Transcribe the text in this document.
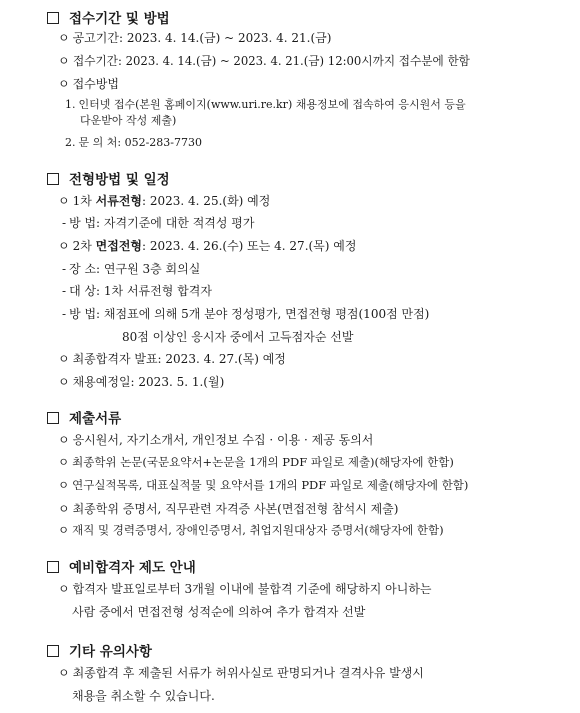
접수기간 및 방법
ㅇ 공고기간: 2023. 4. 14.(금) ~ 2023. 4. 21.(금)
ㅇ 접수기간: 2023. 4. 14.(금) ~ 2023. 4. 21.(금) 12:00시까지 접수분에 한함
ㅇ 접수방법
1. 인터넷 접수(본원 홈페이지(www.uri.re.kr) 채용정보에 접속하여 응시원서 등을
다운받아 작성 제출)
2. 문 의 처: 052-283-7730
전형방법 및 일정
ㅇ 1차 서류전형: 2023. 4. 25.(화) 예정
- 방 법: 자격기준에 대한 적격성 평가
ㅇ 2차 면접전형: 2023. 4. 26.(수) 또는 4. 27.(목) 예정
- 장 소: 연구원 3층 회의실
- 대 상: 1차 서류전형 합격자
- 방 법: 채점표에 의해 5개 분야 정성평가, 면접전형 평점(100점 만점)
80점 이상인 응시자 중에서 고득점자순 선발
ㅇ 최종합격자 발표: 2023. 4. 27.(목) 예정
ㅇ 채용예정일: 2023. 5. 1.(월)
제출서류
ㅇ 응시원서, 자기소개서, 개인정보 수집 · 이용 · 제공 동의서
ㅇ 최종학위 논문(국문요약서+논문을 1개의 PDF 파일로 제출)(해당자에 한함)
ㅇ 연구실적목록, 대표실적물 및 요약서를 1개의 PDF 파일로 제출(해당자에 한함)
ㅇ 최종학위 증명서, 직무관련 자격증 사본(면접전형 참석시 제출)
ㅇ 재직 및 경력증명서, 장애인증명서, 취업지원대상자 증명서(해당자에 한함)
예비합격자 제도 안내
ㅇ 합격자 발표일로부터 3개월 이내에 불합격 기준에 해당하지 아니하는
사람 중에서 면접전형 성적순에 의하여 추가 합격자 선발
기타 유의사항
ㅇ 최종합격 후 제출된 서류가 허위사실로 판명되거나 결격사유 발생시
채용을 취소할 수 있습니다.
